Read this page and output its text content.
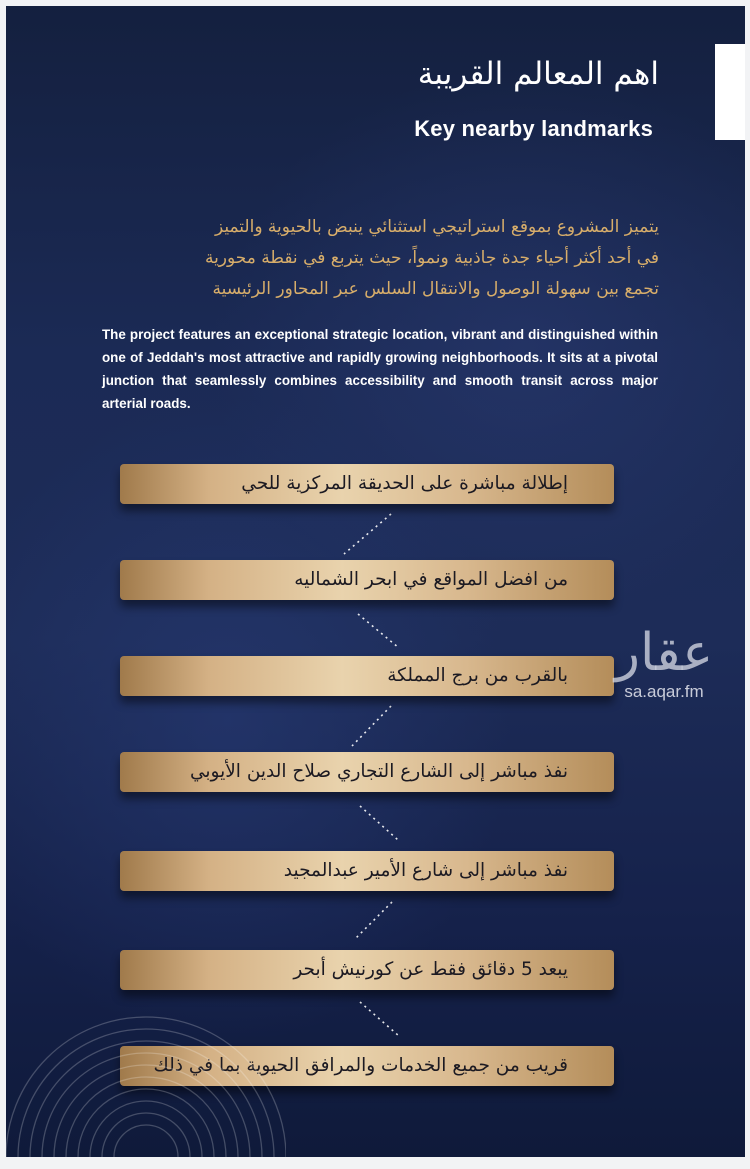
اهم المعالم القريبة
Key nearby landmarks
يتميز المشروع بموقع استراتيجي استثنائي ينبض بالحيوية والتميز
في أحد أكثر أحياء جدة جاذبية ونمواً، حيث يتربع في نقطة محورية
تجمع بين سهولة الوصول والانتقال السلس عبر المحاور الرئيسية
The project features an exceptional strategic location, vibrant and distinguished within one of Jeddah's most attractive and rapidly growing neighborhoods. It sits at a pivotal junction that seamlessly combines accessibility and smooth transit across major arterial roads.
إطلالة مباشرة على الحديقة المركزية للحي
من افضل المواقع في ابحر الشماليه
بالقرب من برج المملكة
نفذ مباشر إلى الشارع التجاري صلاح الدين الأيوبي
نفذ مباشر إلى شارع الأمير عبدالمجيد
يبعد 5 دقائق فقط عن كورنيش أبحر
قريب من جميع الخدمات والمرافق الحيوية بما في ذلك
عقار
sa.aqar.fm
